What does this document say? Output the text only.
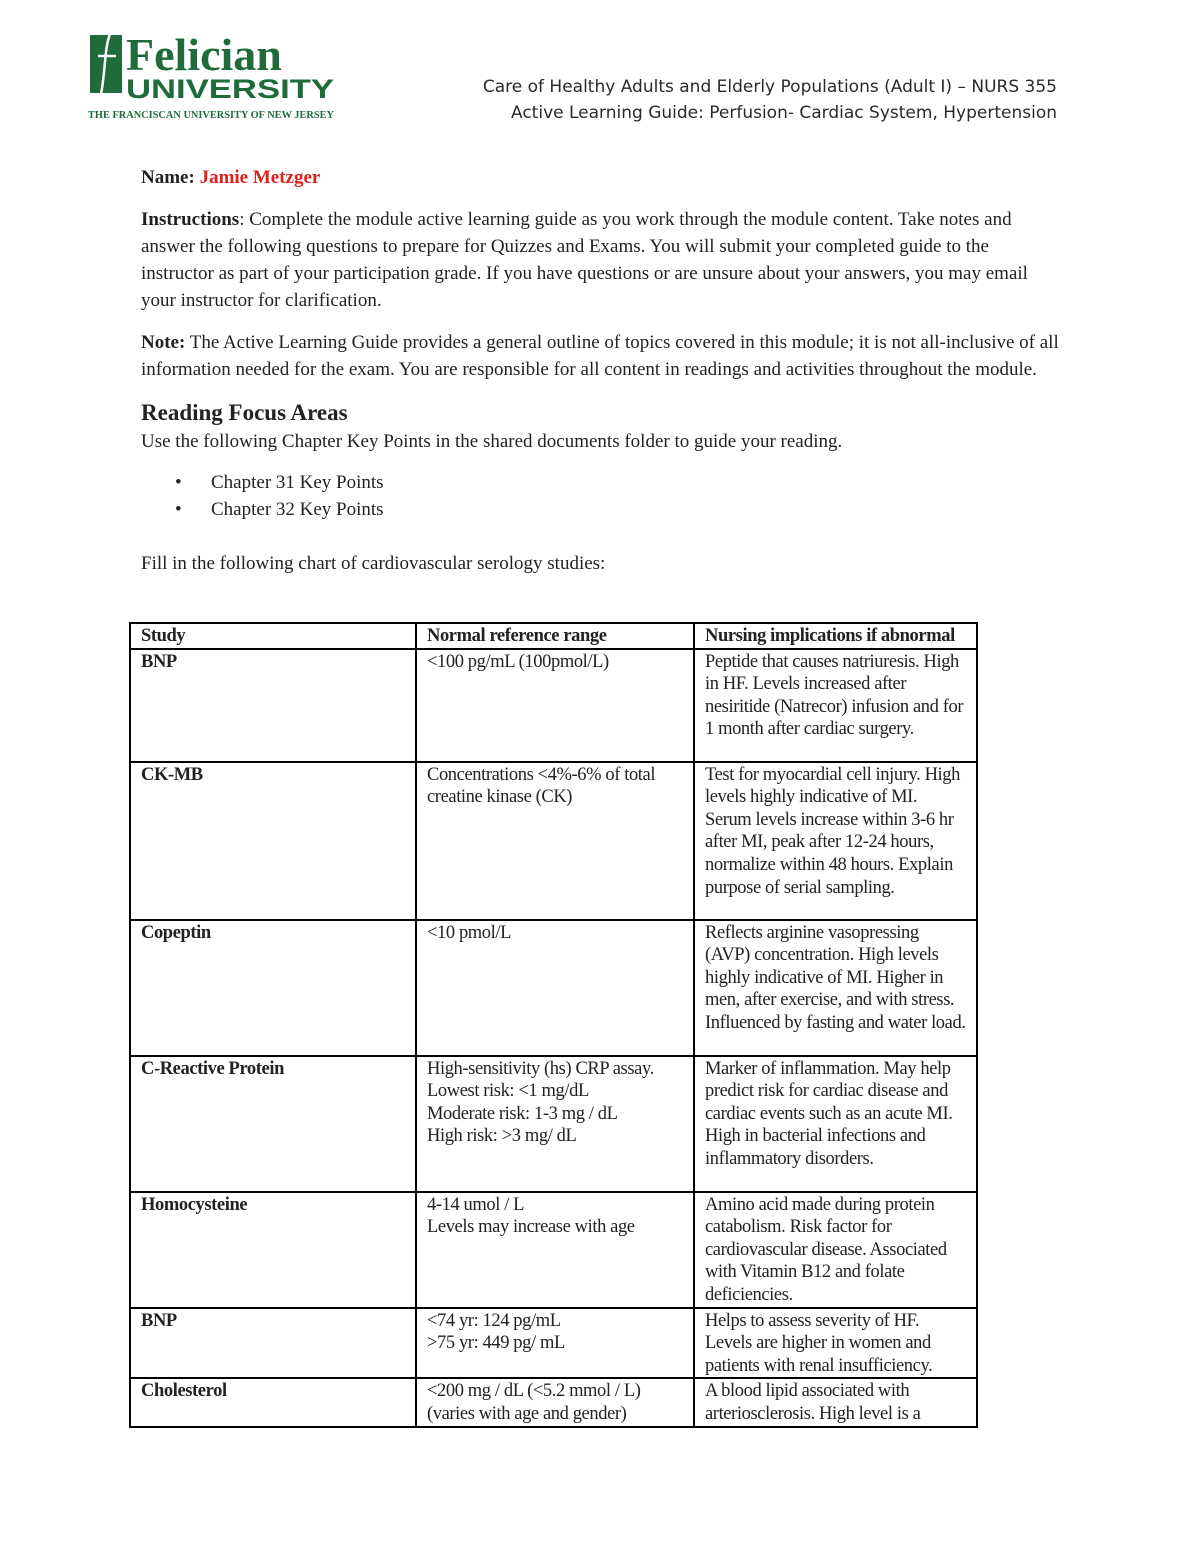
Felician
UNIVERSITY
THE FRANCISCAN UNIVERSITY OF NEW JERSEY
Care of Healthy Adults and Elderly Populations (Adult I) – NURS 355
Active Learning Guide: Perfusion- Cardiac System, Hypertension

Name: Jamie Metzger

Instructions: Complete the module active learning guide as you work through the module content. Take notes and answer the following questions to prepare for Quizzes and Exams. You will submit your completed guide to the instructor as part of your participation grade. If you have questions or are unsure about your answers, you may email your instructor for clarification.

Note: The Active Learning Guide provides a general outline of topics covered in this module; it is not all-inclusive of all information needed for the exam. You are responsible for all content in readings and activities throughout the module.

Reading Focus Areas

Use the following Chapter Key Points in the shared documents folder to guide your reading.

• Chapter 31 Key Points
• Chapter 32 Key Points

Fill in the following chart of cardiovascular serology studies:

Study	Normal reference range	Nursing implications if abnormal
BNP	<100 pg/mL (100pmol/L)	Peptide that causes natriuresis. High in HF. Levels increased after nesiritide (Natrecor) infusion and for 1 month after cardiac surgery.
CK-MB	Concentrations <4%-6% of total creatine kinase (CK)	Test for myocardial cell injury. High levels highly indicative of MI. Serum levels increase within 3-6 hr after MI, peak after 12-24 hours, normalize within 48 hours. Explain purpose of serial sampling.
Copeptin	<10 pmol/L	Reflects arginine vasopressing (AVP) concentration. High levels highly indicative of MI. Higher in men, after exercise, and with stress. Influenced by fasting and water load.
C-Reactive Protein	High-sensitivity (hs) CRP assay.
Lowest risk: <1 mg/dL
Moderate risk: 1-3 mg / dL
High risk: >3 mg/ dL	Marker of inflammation. May help predict risk for cardiac disease and cardiac events such as an acute MI. High in bacterial infections and inflammatory disorders.
Homocysteine	4-14 umol / L
Levels may increase with age	Amino acid made during protein catabolism. Risk factor for cardiovascular disease. Associated with Vitamin B12 and folate deficiencies.
BNP	<74 yr: 124 pg/mL
>75 yr: 449 pg/ mL	Helps to assess severity of HF. Levels are higher in women and patients with renal insufficiency.
Cholesterol	<200 mg / dL (<5.2 mmol / L)
(varies with age and gender)	A blood lipid associated with arteriosclerosis. High level is a
